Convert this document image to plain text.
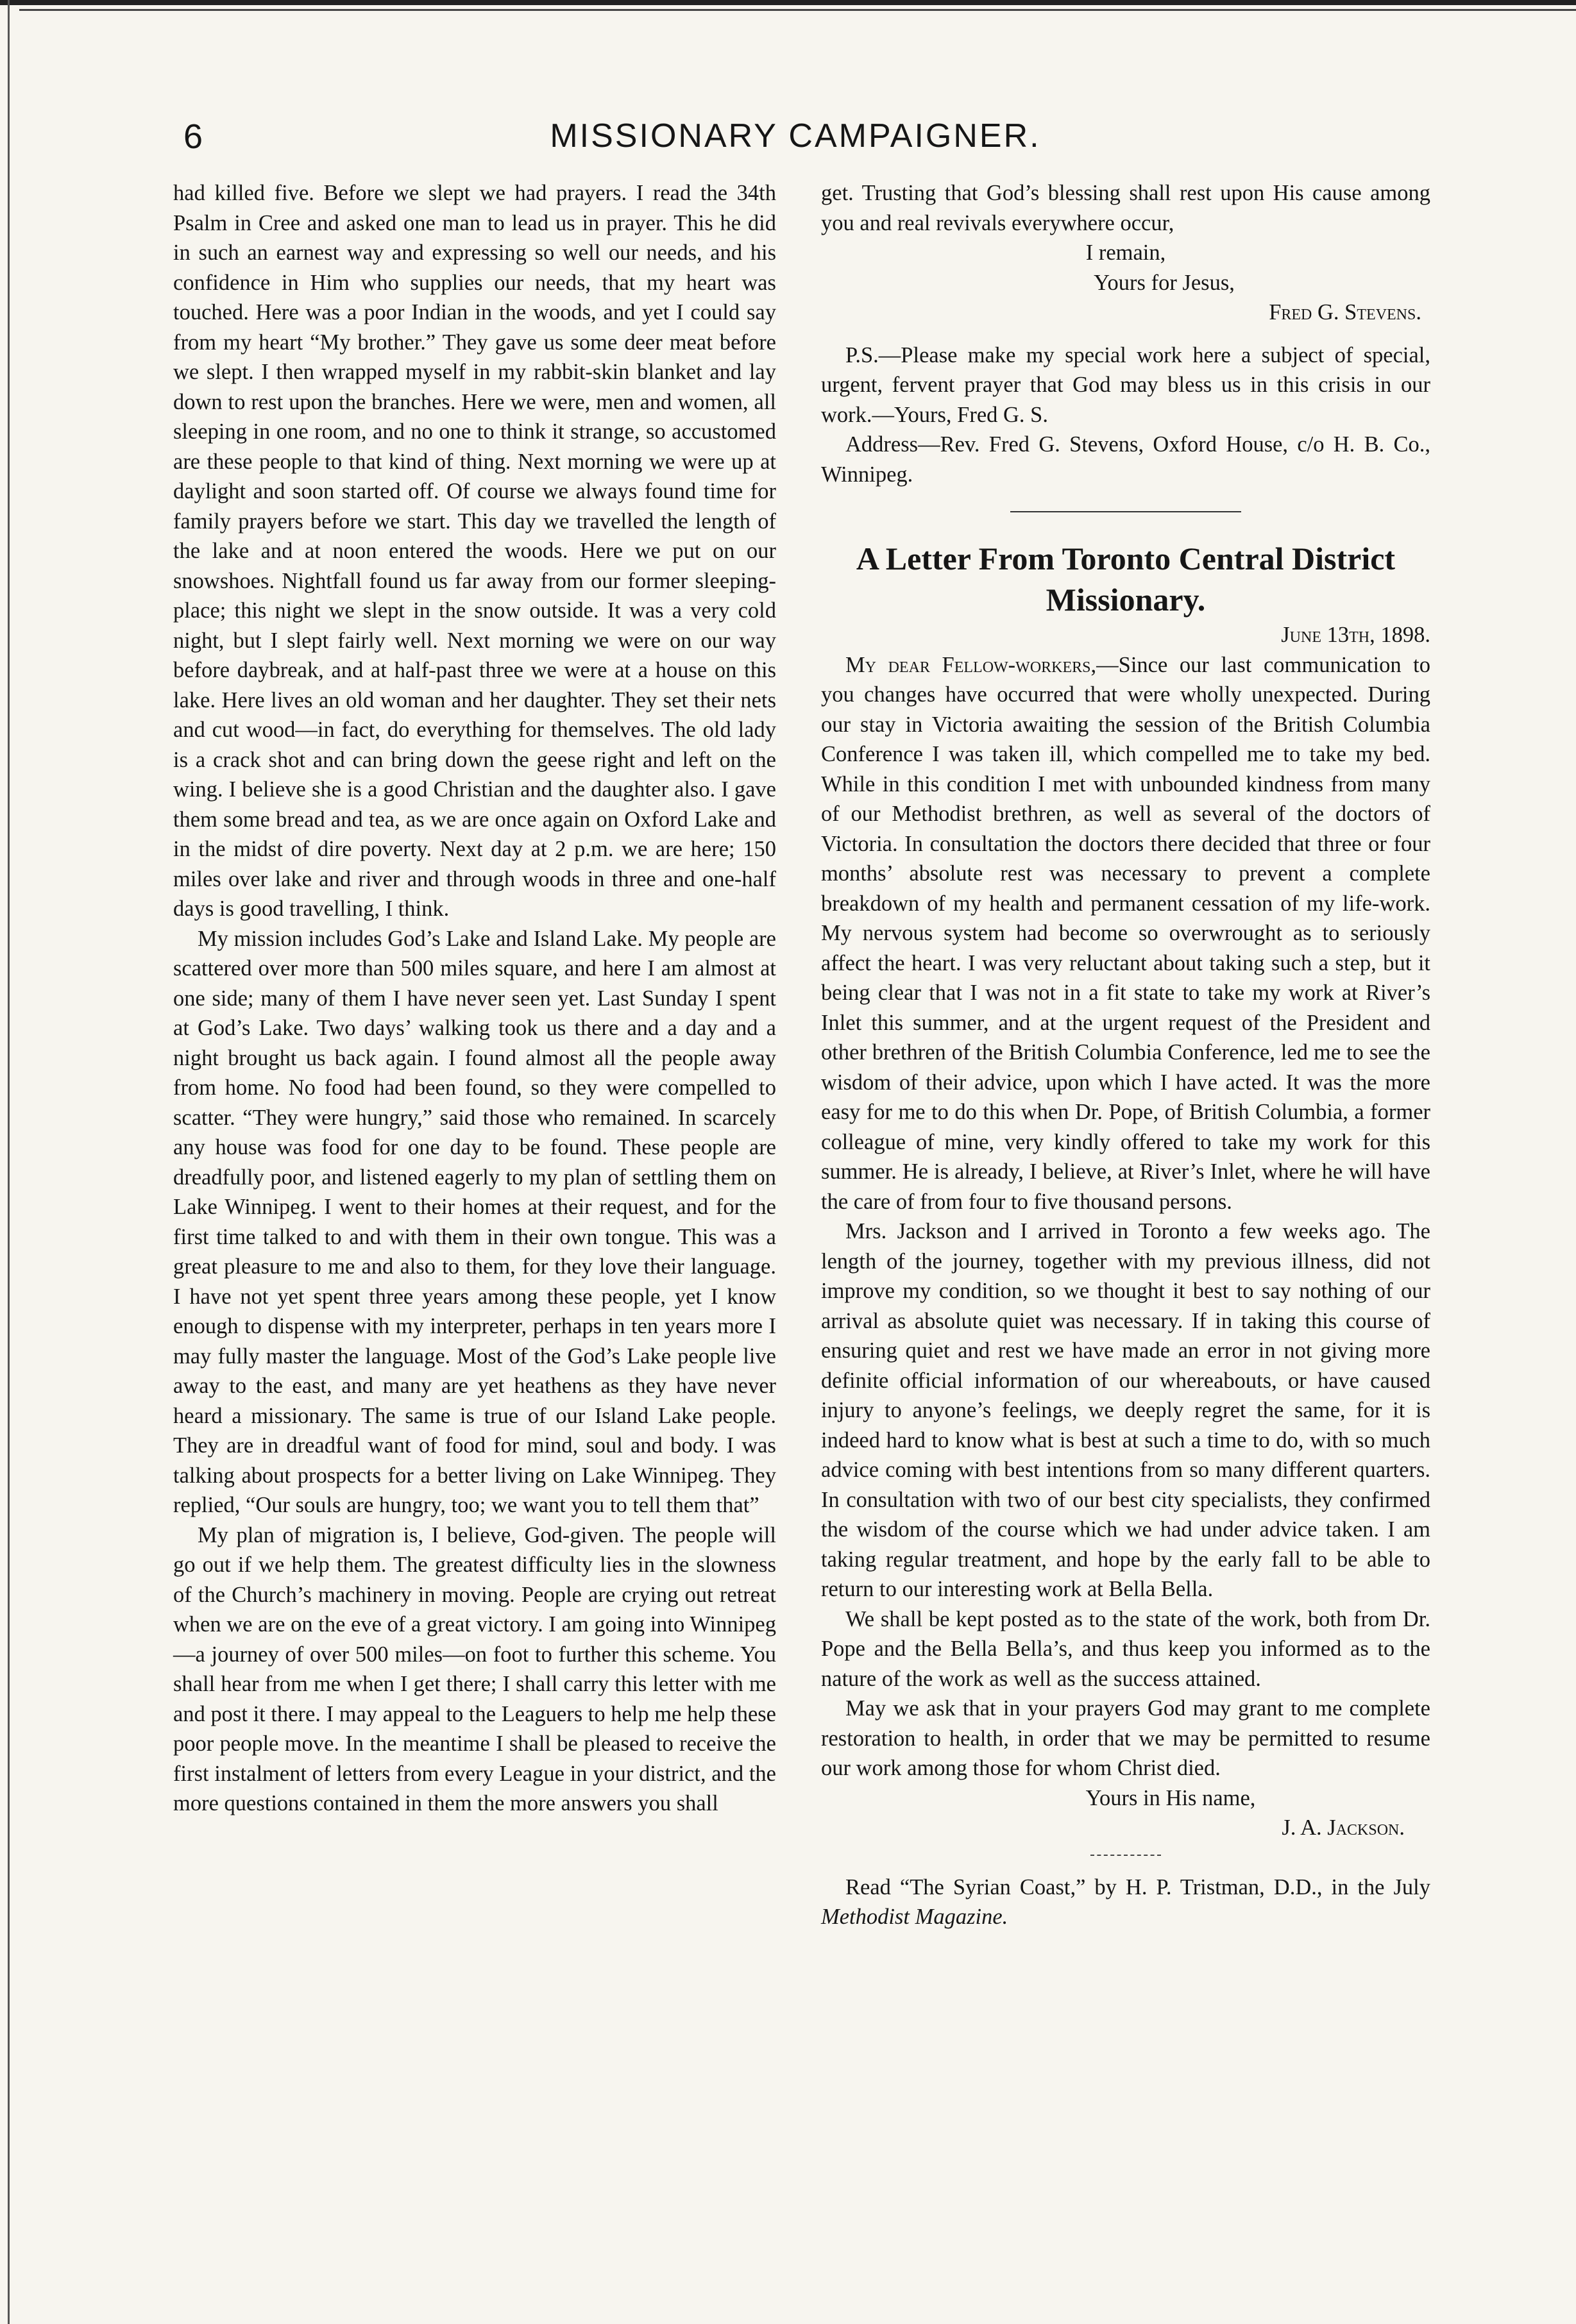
6	MISSIONARY CAMPAIGNER.

had killed five. Before we slept we had prayers. I read the 34th Psalm in Cree and asked one man to lead us in prayer. This he did in such an earnest way and expressing so well our needs, and his confidence in Him who supplies our needs, that my heart was touched. Here was a poor Indian in the woods, and yet I could say from my heart “My brother.” They gave us some deer meat before we slept. I then wrapped myself in my rabbit-skin blanket and lay down to rest upon the branches. Here we were, men and women, all sleeping in one room, and no one to think it strange, so accustomed are these people to that kind of thing. Next morning we were up at daylight and soon started off. Of course we always found time for family prayers before we start. This day we travelled the length of the lake and at noon entered the woods. Here we put on our snowshoes. Nightfall found us far away from our former sleeping-place; this night we slept in the snow outside. It was a very cold night, but I slept fairly well. Next morning we were on our way before daybreak, and at half-past three we were at a house on this lake. Here lives an old woman and her daughter. They set their nets and cut wood—in fact, do everything for themselves. The old lady is a crack shot and can bring down the geese right and left on the wing. I believe she is a good Christian and the daughter also. I gave them some bread and tea, as we are once again on Oxford Lake and in the midst of dire poverty. Next day at 2 p.m. we are here; 150 miles over lake and river and through woods in three and one-half days is good travelling, I think.

My mission includes God’s Lake and Island Lake. My people are scattered over more than 500 miles square, and here I am almost at one side; many of them I have never seen yet. Last Sunday I spent at God’s Lake. Two days’ walking took us there and a day and a night brought us back again. I found almost all the people away from home. No food had been found, so they were compelled to scatter. “They were hungry,” said those who remained. In scarcely any house was food for one day to be found. These people are dreadfully poor, and listened eagerly to my plan of settling them on Lake Winnipeg. I went to their homes at their request, and for the first time talked to and with them in their own tongue. This was a great pleasure to me and also to them, for they love their language. I have not yet spent three years among these people, yet I know enough to dispense with my interpreter, perhaps in ten years more I may fully master the language. Most of the God’s Lake people live away to the east, and many are yet heathens as they have never heard a missionary. The same is true of our Island Lake people. They are in dreadful want of food for mind, soul and body. I was talking about prospects for a better living on Lake Winnipeg. They replied, “Our souls are hungry, too; we want you to tell them that”

My plan of migration is, I believe, God-given. The people will go out if we help them. The greatest difficulty lies in the slowness of the Church’s machinery in moving. People are crying out retreat when we are on the eve of a great victory. I am going into Winnipeg—a journey of over 500 miles—on foot to further this scheme. You shall hear from me when I get there; I shall carry this letter with me and post it there. I may appeal to the Leaguers to help me help these poor people move. In the meantime I shall be pleased to receive the first instalment of letters from every League in your district, and the more questions contained in them the more answers you shall

get. Trusting that God’s blessing shall rest upon His cause among you and real revivals everywhere occur,

I remain,

Yours for Jesus,

Fred G. Stevens.

P.S.—Please make my special work here a subject of special, urgent, fervent prayer that God may bless us in this crisis in our work.—Yours, Fred G. S.

Address—Rev. Fred G. Stevens, Oxford House, c/o H. B. Co., Winnipeg.

A Letter From Toronto Central District Missionary.

June 13th, 1898.

My dear Fellow-workers,—Since our last communication to you changes have occurred that were wholly unexpected. During our stay in Victoria awaiting the session of the British Columbia Conference I was taken ill, which compelled me to take my bed. While in this condition I met with unbounded kindness from many of our Methodist brethren, as well as several of the doctors of Victoria. In consultation the doctors there decided that three or four months’ absolute rest was necessary to prevent a complete breakdown of my health and permanent cessation of my life-work. My nervous system had become so overwrought as to seriously affect the heart. I was very reluctant about taking such a step, but it being clear that I was not in a fit state to take my work at River’s Inlet this summer, and at the urgent request of the President and other brethren of the British Columbia Conference, led me to see the wisdom of their advice, upon which I have acted. It was the more easy for me to do this when Dr. Pope, of British Columbia, a former colleague of mine, very kindly offered to take my work for this summer. He is already, I believe, at River’s Inlet, where he will have the care of from four to five thousand persons.

Mrs. Jackson and I arrived in Toronto a few weeks ago. The length of the journey, together with my previous illness, did not improve my condition, so we thought it best to say nothing of our arrival as absolute quiet was necessary. If in taking this course of ensuring quiet and rest we have made an error in not giving more definite official information of our whereabouts, or have caused injury to anyone’s feelings, we deeply regret the same, for it is indeed hard to know what is best at such a time to do, with so much advice coming with best intentions from so many different quarters. In consultation with two of our best city specialists, they confirmed the wisdom of the course which we had under advice taken. I am taking regular treatment, and hope by the early fall to be able to return to our interesting work at Bella Bella.

We shall be kept posted as to the state of the work, both from Dr. Pope and the Bella Bella’s, and thus keep you informed as to the nature of the work as well as the success attained.

May we ask that in your prayers God may grant to me complete restoration to health, in order that we may be permitted to resume our work among those for whom Christ died.

Yours in His name,

J. A. Jackson.

Read “The Syrian Coast,” by H. P. Tristman, D.D., in the July Methodist Magazine.
